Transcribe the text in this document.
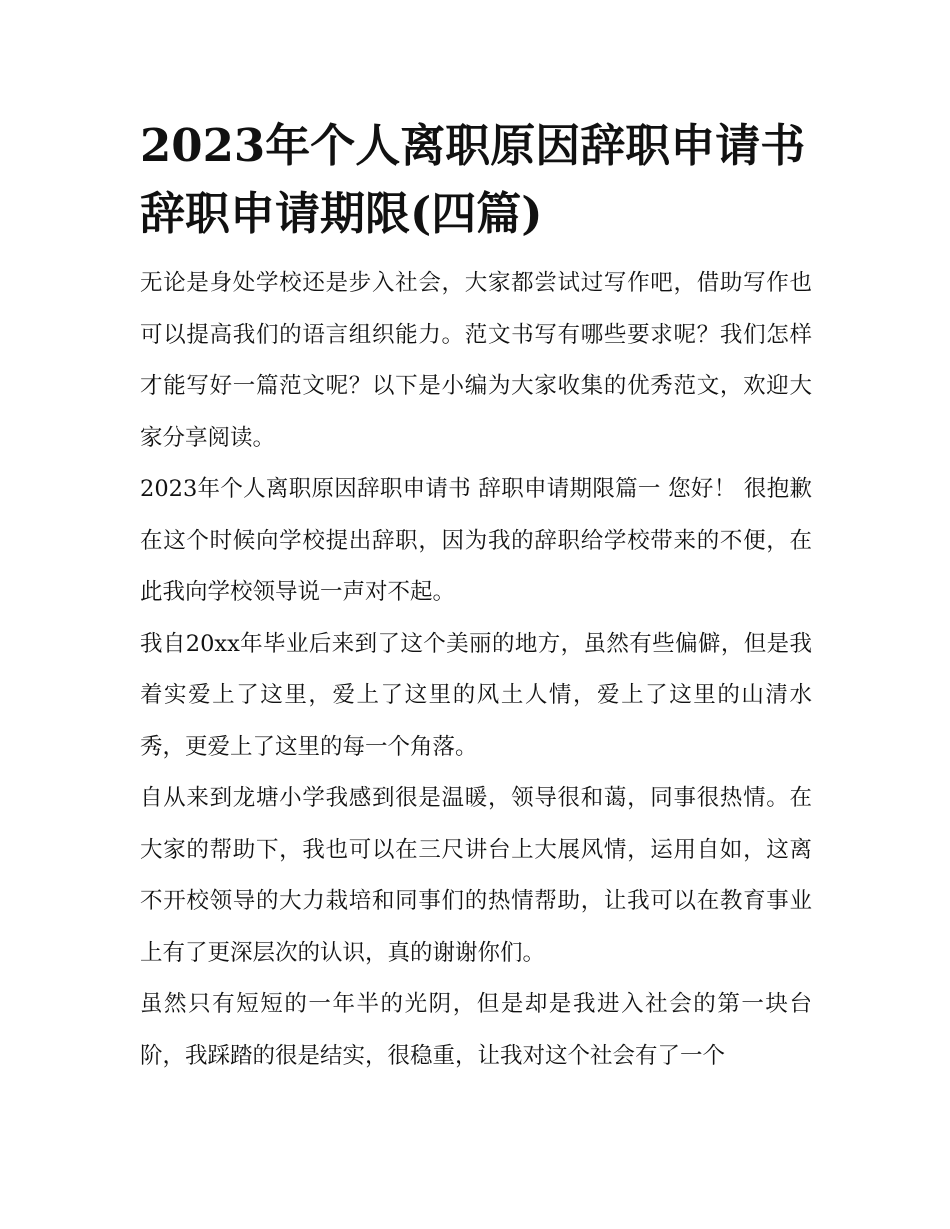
2023年个人离职原因辞职申请书 辞职申请期限(四篇)

无论是身处学校还是步入社会，大家都尝试过写作吧，借助写作也可以提高我们的语言组织能力。范文书写有哪些要求呢？我们怎样才能写好一篇范文呢？以下是小编为大家收集的优秀范文，欢迎大家分享阅读。

2023年个人离职原因辞职申请书 辞职申请期限篇一 您好！ 很抱歉在这个时候向学校提出辞职，因为我的辞职给学校带来的不便，在此我向学校领导说一声对不起。

我自20xx年毕业后来到了这个美丽的地方，虽然有些偏僻，但是我着实爱上了这里，爱上了这里的风土人情，爱上了这里的山清水秀，更爱上了这里的每一个角落。

自从来到龙塘小学我感到很是温暖，领导很和蔼，同事很热情。在大家的帮助下，我也可以在三尺讲台上大展风情，运用自如，这离不开校领导的大力栽培和同事们的热情帮助，让我可以在教育事业上有了更深层次的认识，真的谢谢你们。

虽然只有短短的一年半的光阴，但是却是我进入社会的第一块台阶，我踩踏的很是结实，很稳重，让我对这个社会有了一个
